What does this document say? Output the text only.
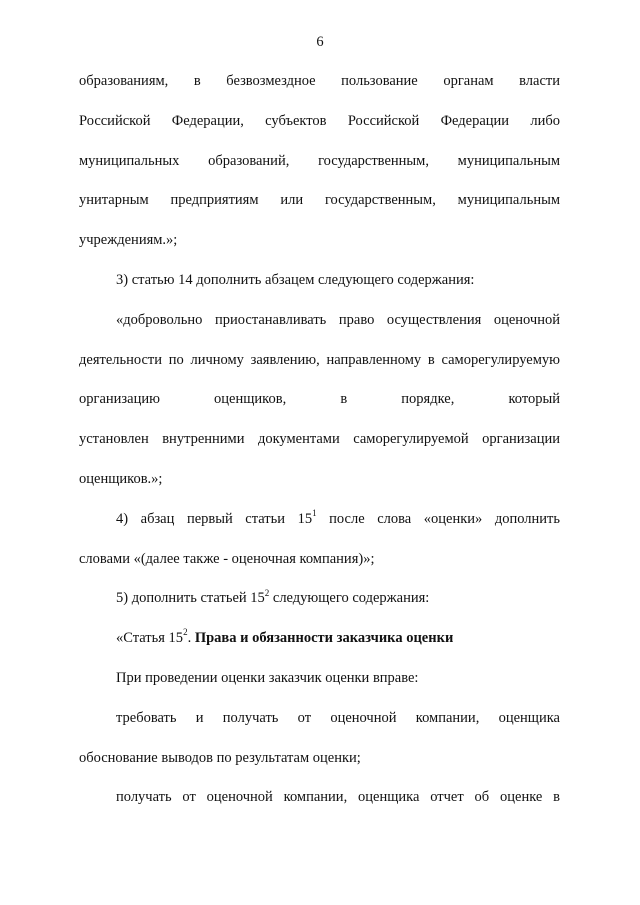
6

образованиям, в безвозмездное пользование органам власти

Российской Федерации, субъектов Российской Федерации либо

муниципальных образований, государственным, муниципальным

унитарным предприятиям или государственным, муниципальным

учреждениям.»;

3) статью 14 дополнить абзацем следующего содержания:

«добровольно приостанавливать право осуществления оценочной

деятельности по личному заявлению, направленному в саморегулируемую

организацию оценщиков, в порядке, который

установлен внутренними документами саморегулируемой организации

оценщиков.»;

4) абзац первый статьи $15^1$ после слова «оценки» дополнить

словами «(далее также - оценочная компания)»;

5) дополнить статьей $15^2$ следующего содержания:

«Статья $15^2$. Права и обязанности заказчика оценки

При проведении оценки заказчик оценки вправе:

требовать и получать от оценочной компании, оценщика

обоснование выводов по результатам оценки;

получать от оценочной компании, оценщика отчет об оценке в
